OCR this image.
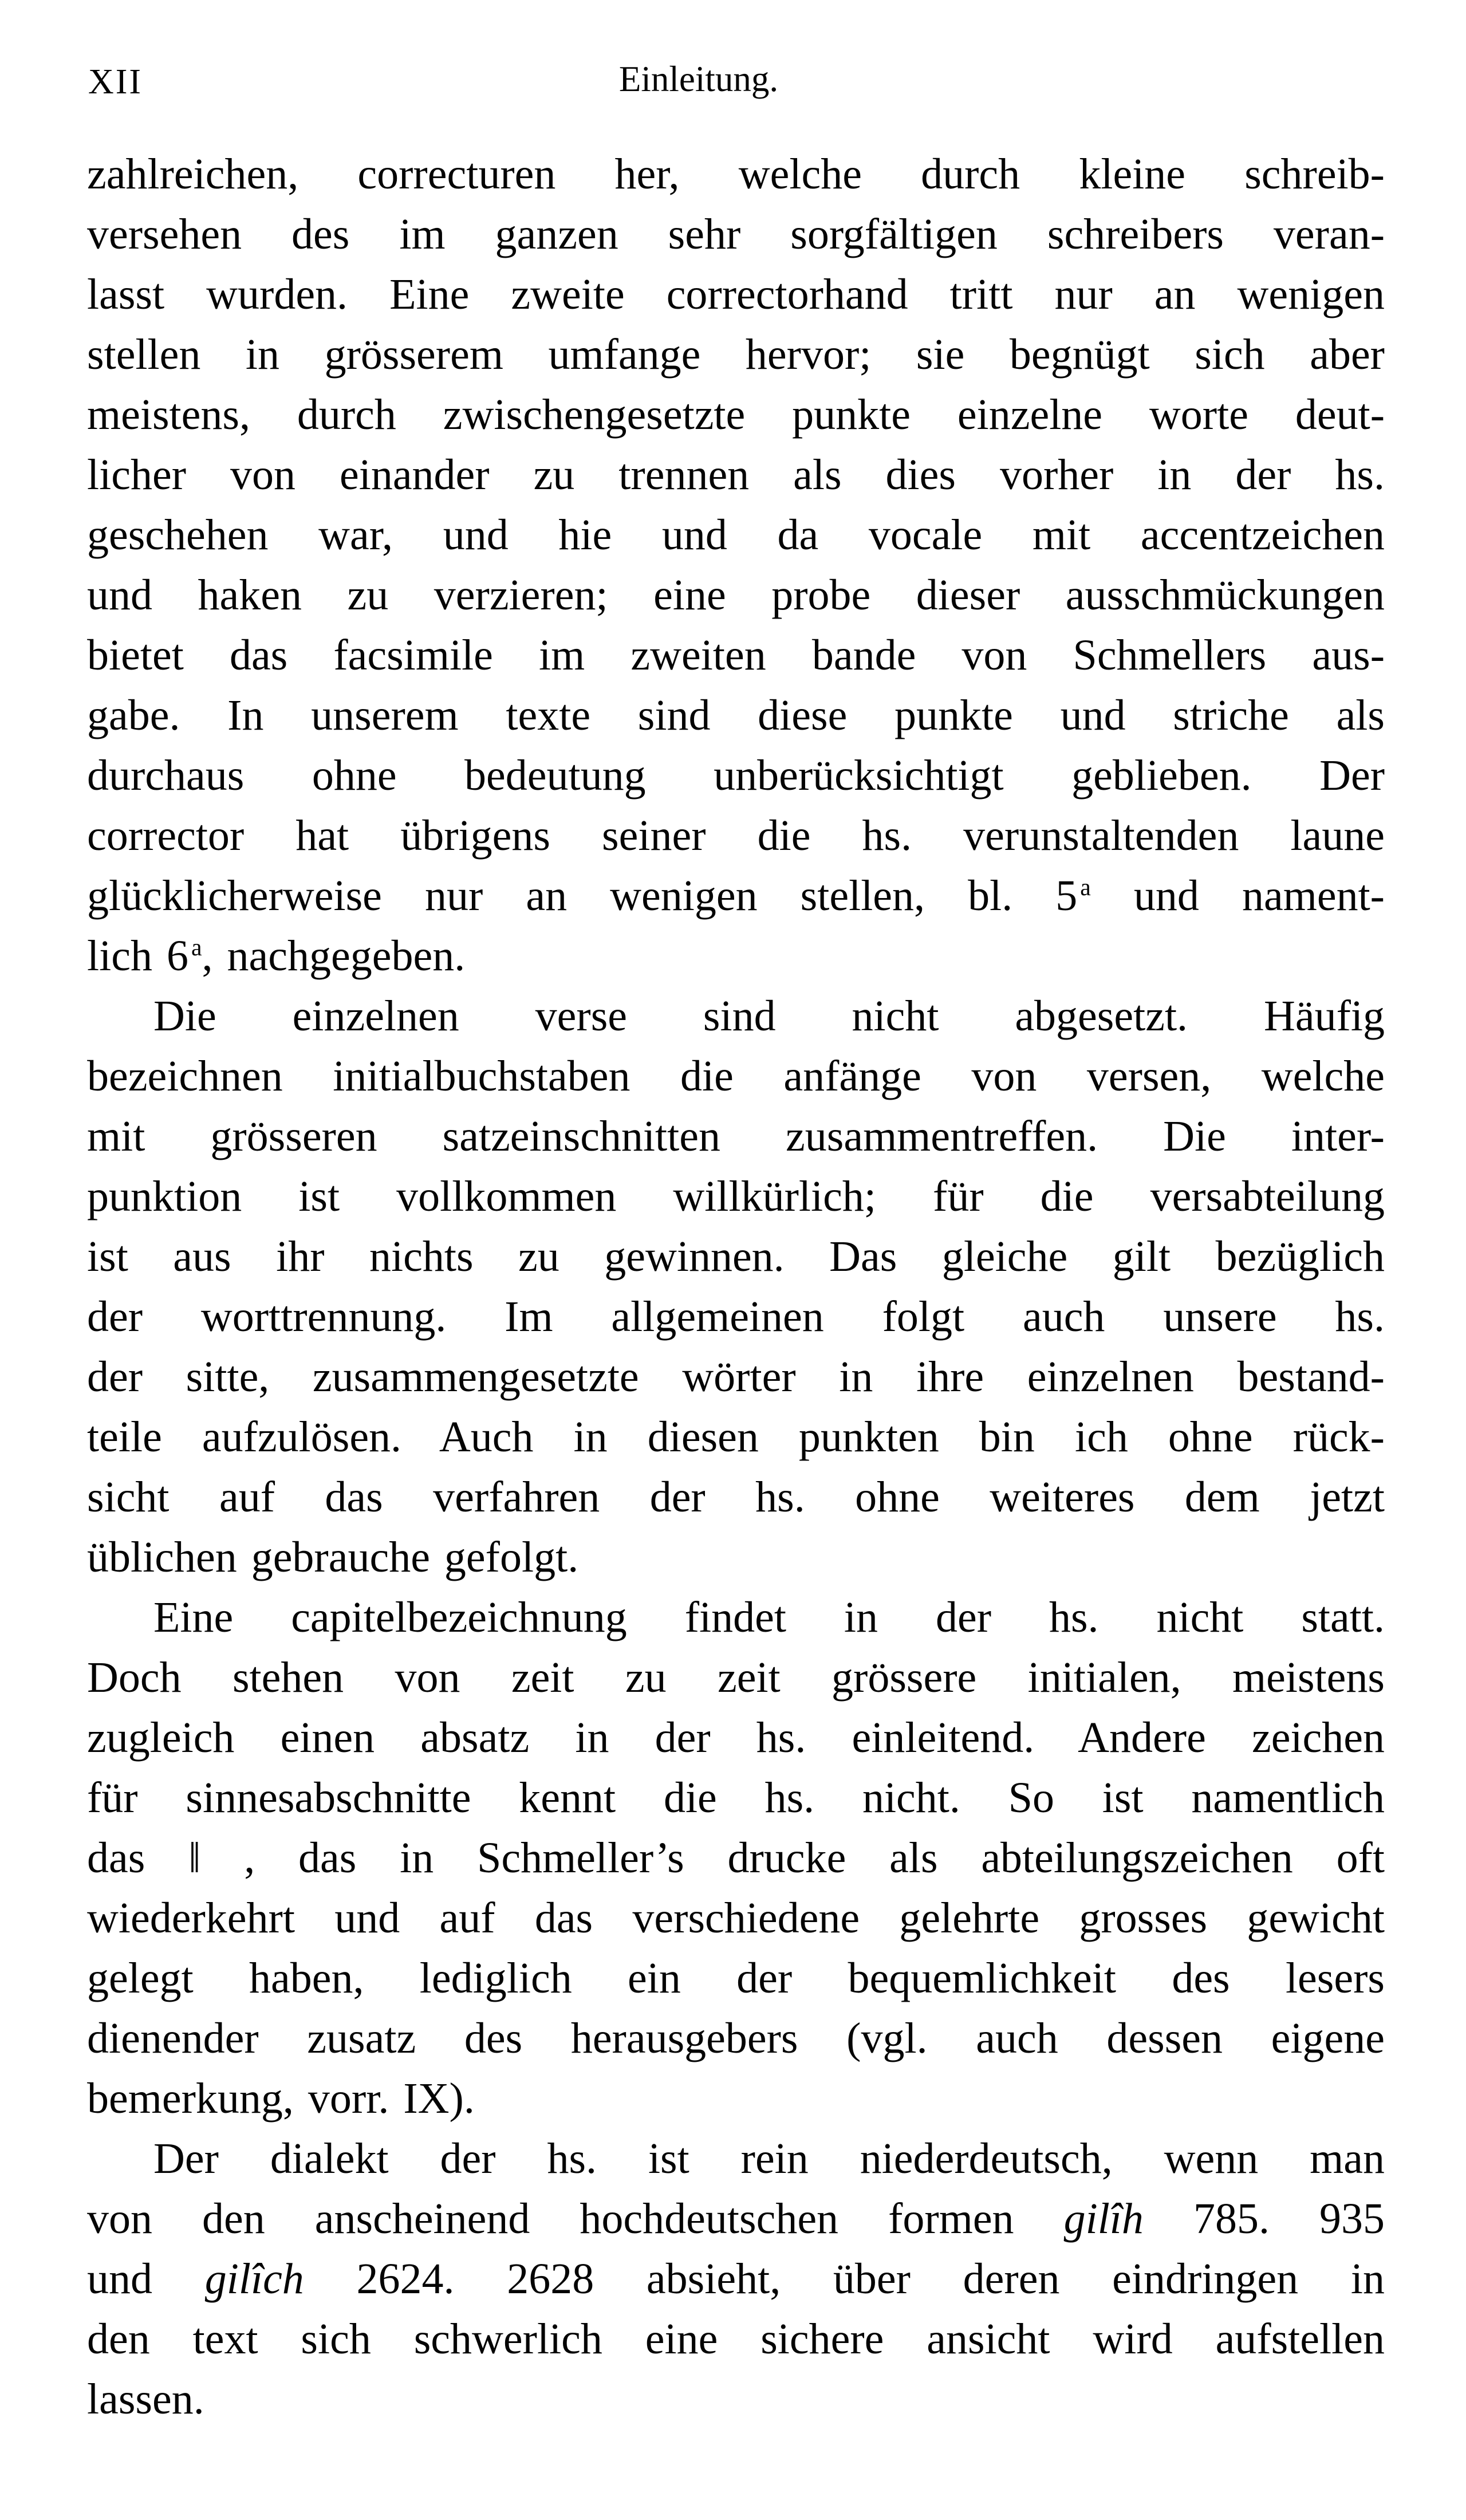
XII	Einleitung.
zahlreichen, correcturen her, welche durch kleine schreib-
versehen des im ganzen sehr sorgfältigen schreibers veran-
lasst wurden. Eine zweite correctorhand tritt nur an wenigen
stellen in grösserem umfange hervor; sie begnügt sich aber
meistens, durch zwischengesetzte punkte einzelne worte deut-
licher von einander zu trennen als dies vorher in der hs.
geschehen war, und hie und da vocale mit accentzeichen
und haken zu verzieren; eine probe dieser ausschmückungen
bietet das facsimile im zweiten bande von Schmellers aus-
gabe. In unserem texte sind diese punkte und striche als
durchaus ohne bedeutung unberücksichtigt geblieben. Der
corrector hat übrigens seiner die hs. verunstaltenden laune
glücklicherweise nur an wenigen stellen, bl. 5 $^a$ und nament-
lich 6 $^a$, nachgegeben.
Die einzelnen verse sind nicht abgesetzt. Häufig
bezeichnen initialbuchstaben die anfänge von versen, welche
mit grösseren satzeinschnitten zusammentreffen. Die inter-
punktion ist vollkommen willkürlich; für die versabteilung
ist aus ihr nichts zu gewinnen. Das gleiche gilt bezüglich
der worttrennung. Im allgemeinen folgt auch unsere hs.
der sitte, zusammengesetzte wörter in ihre einzelnen bestand-
teile aufzulösen. Auch in diesen punkten bin ich ohne rück-
sicht auf das verfahren der hs. ohne weiteres dem jetzt
üblichen gebrauche gefolgt.
Eine capitelbezeichnung findet in der hs. nicht statt.
Doch stehen von zeit zu zeit grössere initialen, meistens
zugleich einen absatz in der hs. einleitend. Andere zeichen
für sinnesabschnitte kennt die hs. nicht. So ist namentlich
das ‖ , das in Schmeller’s drucke als abteilungszeichen oft
wiederkehrt und auf das verschiedene gelehrte grosses gewicht
gelegt haben, lediglich ein der bequemlichkeit des lesers
dienender zusatz des herausgebers (vgl. auch dessen eigene
bemerkung, vorr. IX).
Der dialekt der hs. ist rein niederdeutsch, wenn man
von den anscheinend hochdeutschen formen gilîh 785. 935
und gilîch 2624. 2628 absieht, über deren eindringen in
den text sich schwerlich eine sichere ansicht wird aufstellen
lassen.
